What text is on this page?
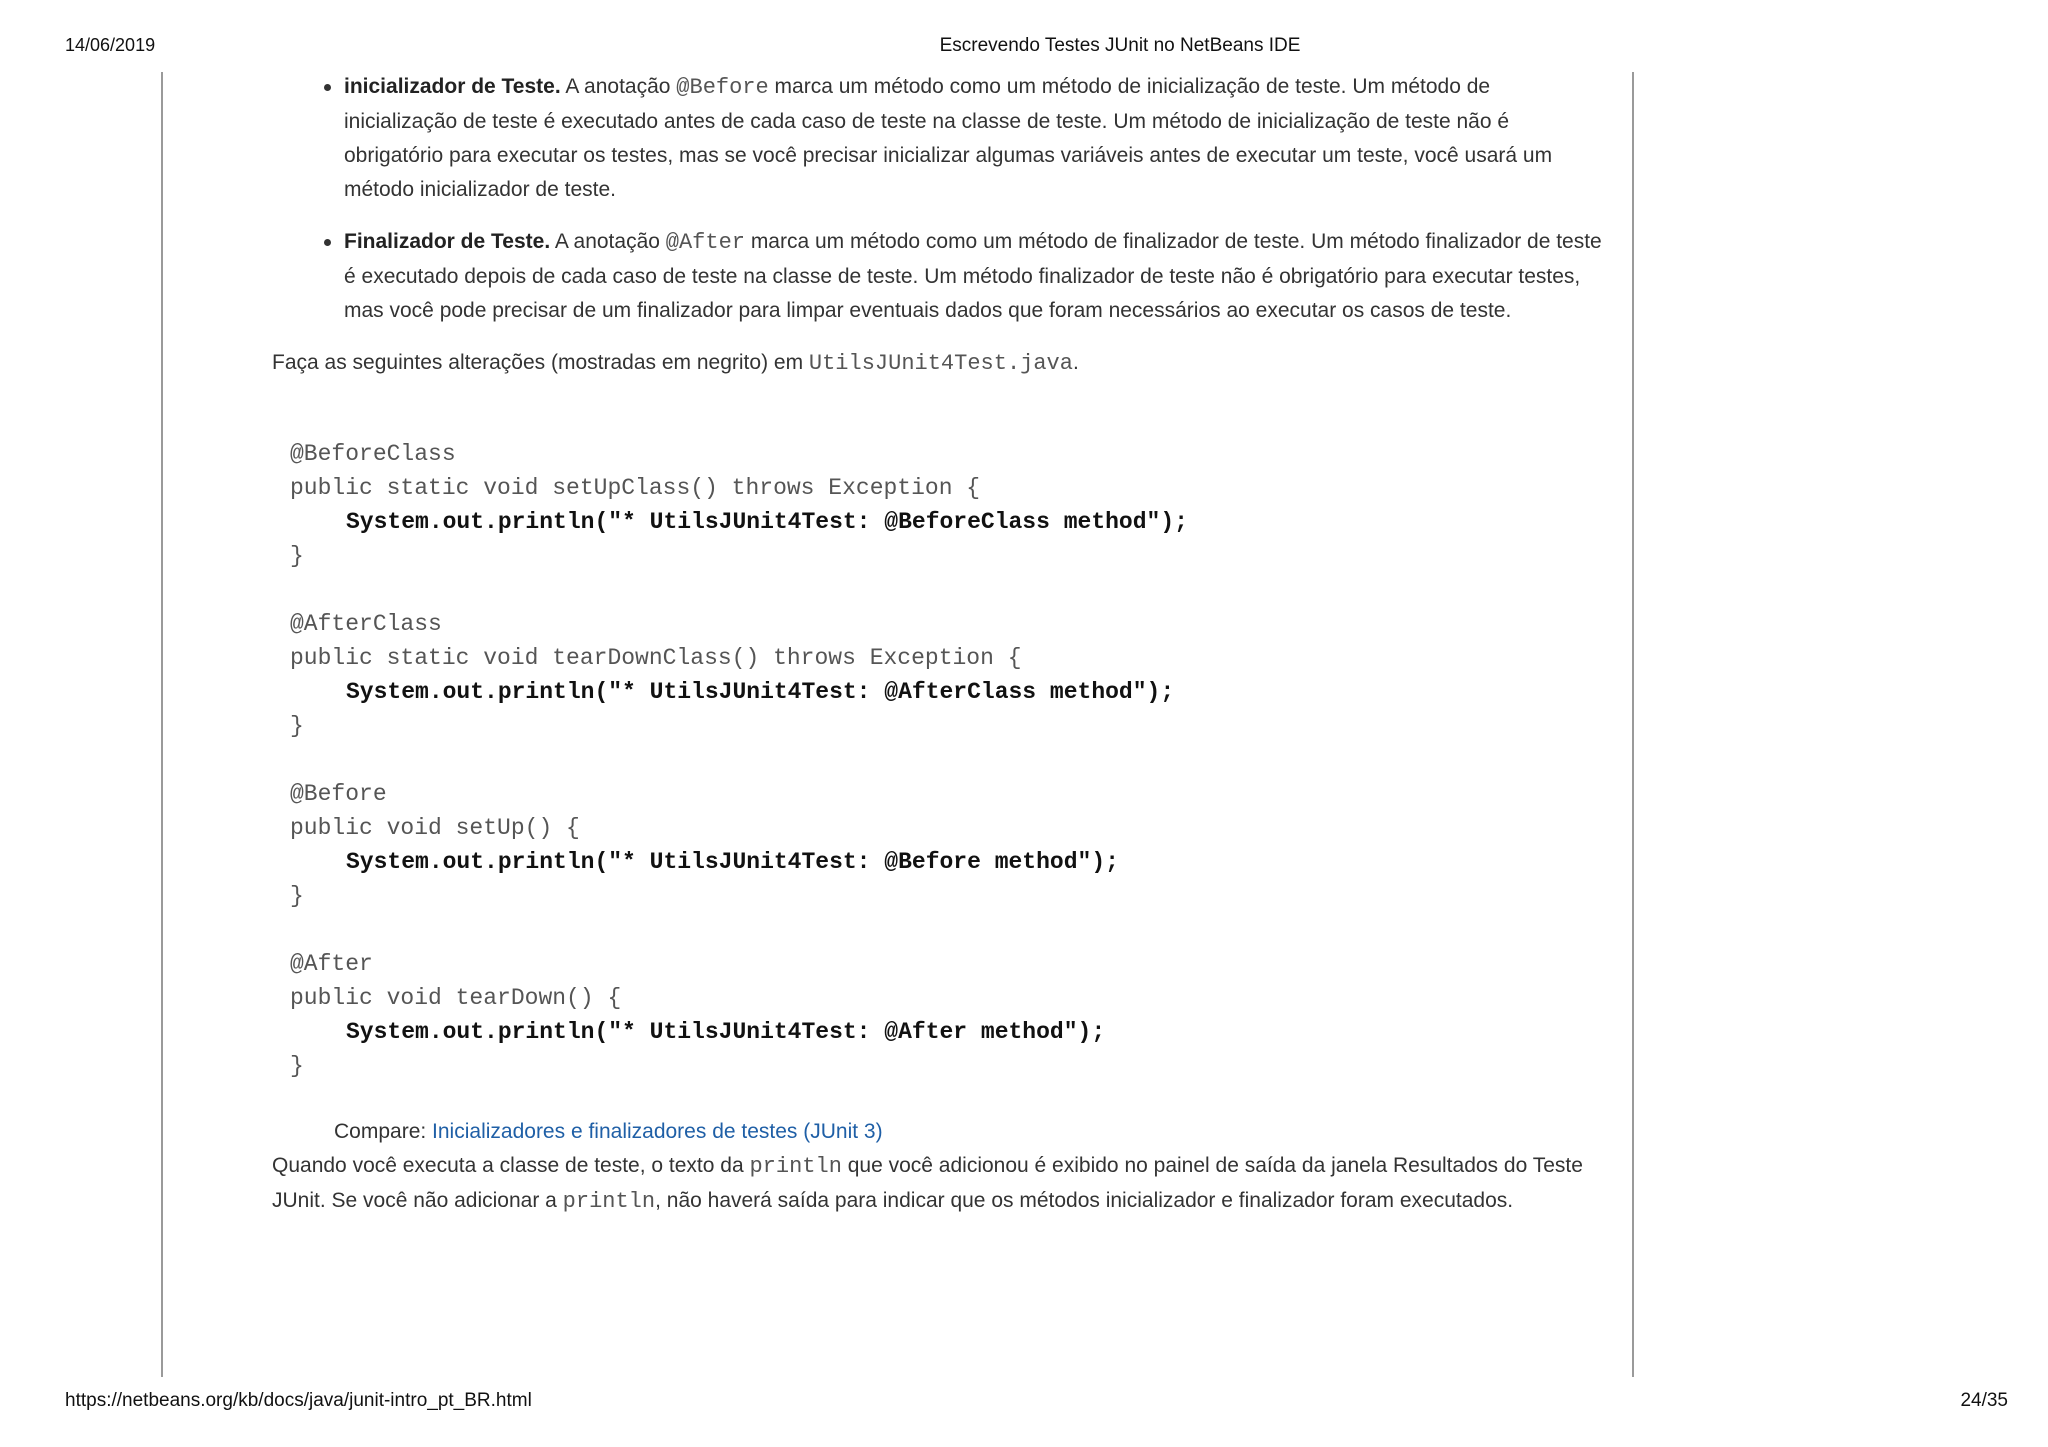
14/06/2019	Escrevendo Testes JUnit no NetBeans IDE
inicializador de Teste. A anotação @Before marca um método como um método de inicialização de teste. Um método de inicialização de teste é executado antes de cada caso de teste na classe de teste. Um método de inicialização de teste não é obrigatório para executar os testes, mas se você precisar inicializar algumas variáveis antes de executar um teste, você usará um método inicializador de teste.
Finalizador de Teste. A anotação @After marca um método como um método de finalizador de teste. Um método finalizador de teste é executado depois de cada caso de teste na classe de teste. Um método finalizador de teste não é obrigatório para executar testes, mas você pode precisar de um finalizador para limpar eventuais dados que foram necessários ao executar os casos de teste.

Faça as seguintes alterações (mostradas em negrito) em UtilsJUnit4Test.java.

@BeforeClass
public static void setUpClass() throws Exception {
System.out.println("* UtilsJUnit4Test: @BeforeClass method");
}
@AfterClass
public static void tearDownClass() throws Exception {
System.out.println("* UtilsJUnit4Test: @AfterClass method");
}
@Before
public void setUp() {
System.out.println("* UtilsJUnit4Test: @Before method");
}
@After
public void tearDown() {
System.out.println("* UtilsJUnit4Test: @After method");
}
Compare: Inicializadores e finalizadores de testes (JUnit 3)

Quando você executa a classe de teste, o texto da println que você adicionou é exibido no painel de saída da janela Resultados do Teste JUnit. Se você não adicionar a println, não haverá saída para indicar que os métodos inicializador e finalizador foram executados.

https://netbeans.org/kb/docs/java/junit-intro_pt_BR.html	24/35
